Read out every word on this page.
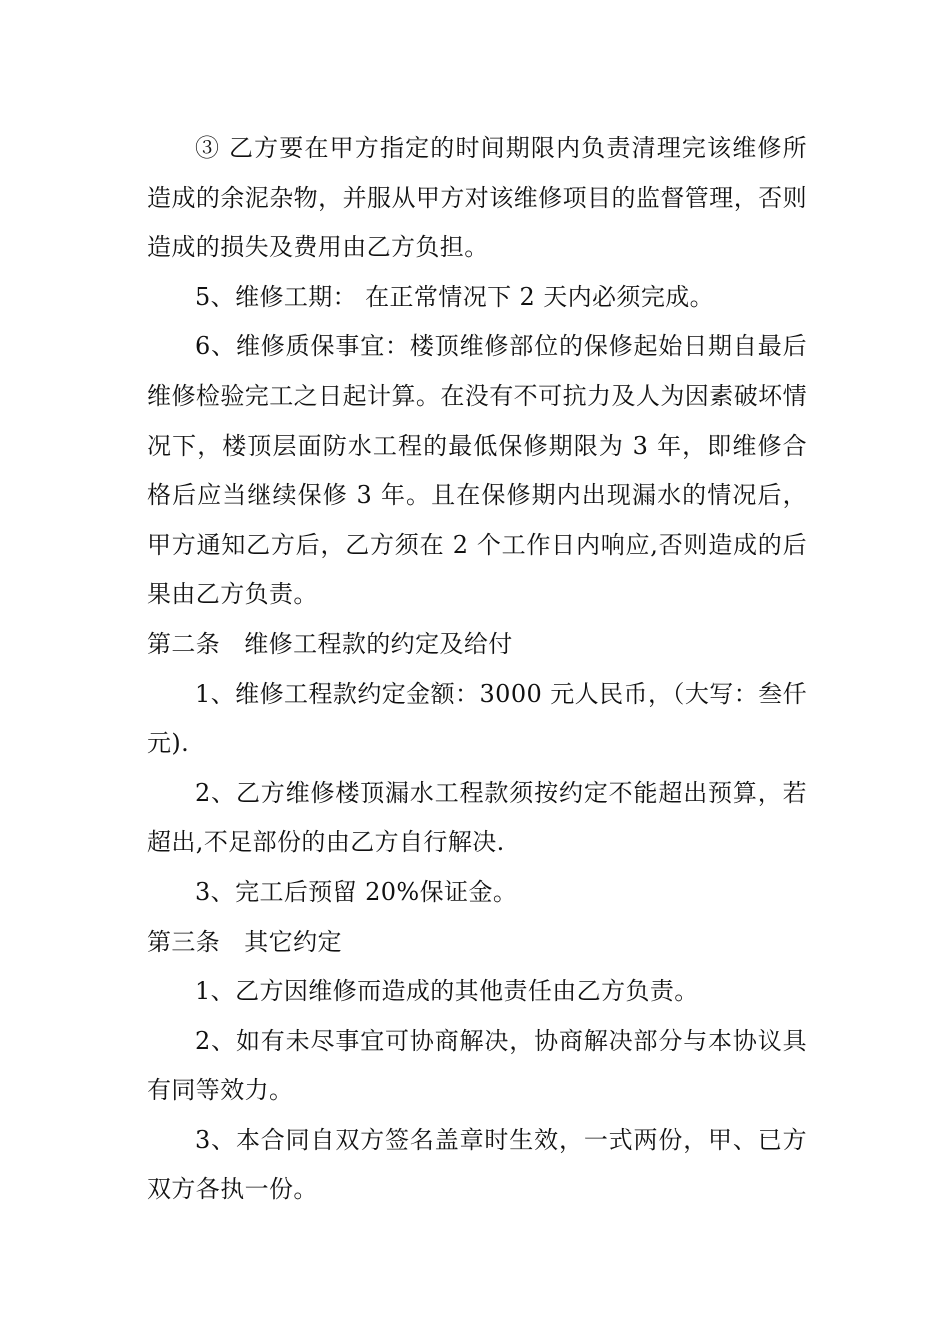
③ 乙方要在甲方指定的时间期限内负责清理完该维修所造成的余泥杂物，并服从甲方对该维修项目的监督管理，否则造成的损失及费用由乙方负担。

5、维修工期： 在正常情况下 2 天内必须完成。

6、维修质保事宜：楼顶维修部位的保修起始日期自最后维修检验完工之日起计算。在没有不可抗力及人为因素破坏情况下，楼顶层面防水工程的最低保修期限为 3 年，即维修合格后应当继续保修 3 年。且在保修期内出现漏水的情况后，甲方通知乙方后，乙方须在 2 个工作日内响应,否则造成的后果由乙方负责。

第二条   维修工程款的约定及给付

1、维修工程款约定金额：3000 元人民币，（大写：叁仟元).

2、乙方维修楼顶漏水工程款须按约定不能超出预算，若超出,不足部份的由乙方自行解决.

3、完工后预留 20%保证金。

第三条   其它约定

1、乙方因维修而造成的其他责任由乙方负责。

2、如有未尽事宜可协商解决，协商解决部分与本协议具有同等效力。

3、本合同自双方签名盖章时生效，一式两份，甲、已方双方各执一份。
